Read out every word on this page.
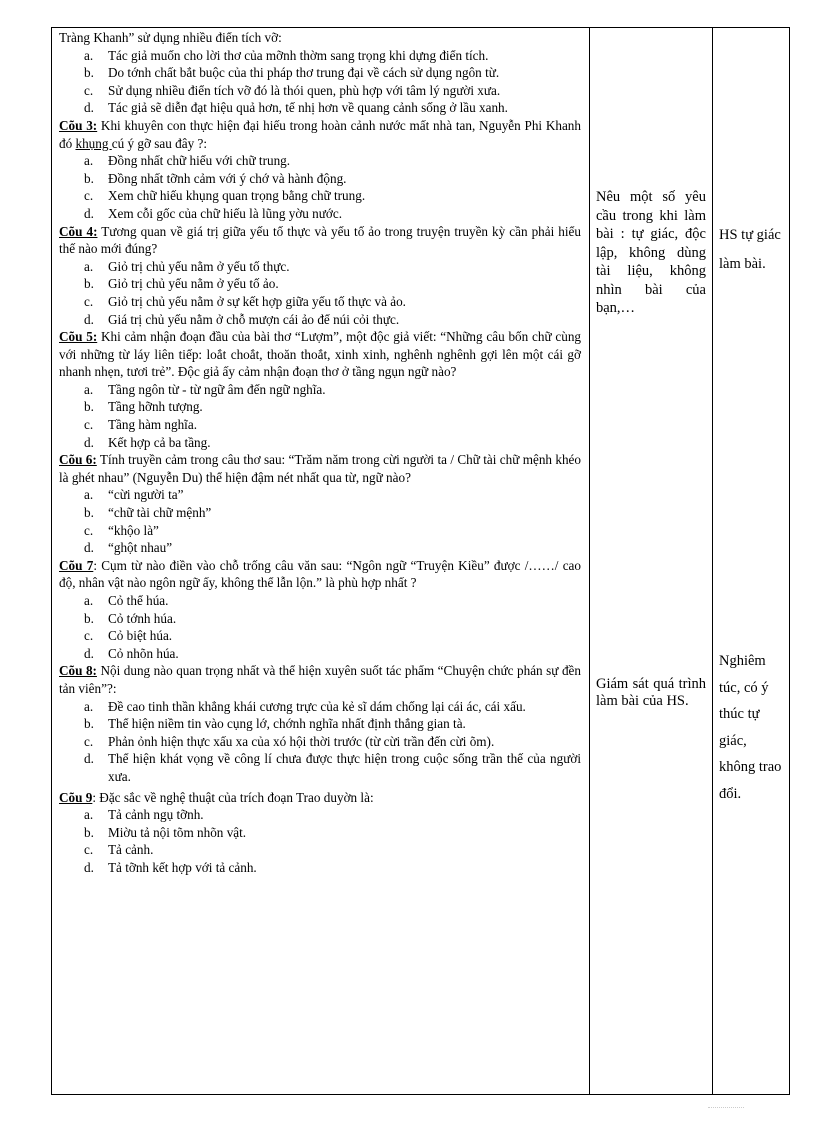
Tràng Khanh” sử dụng nhiều điển tích vỡ:

a. Tác giả muốn cho lời thơ của mỡnh thờm sang trọng khi dựng điển tích.
b. Do tớnh chất bắt buộc của thi pháp thơ trung đại về cách sử dụng ngôn từ.
c. Sử dụng nhiều điển tích vỡ đó là thói quen, phù hợp với tâm lý người xưa.
d. Tác giả sẽ diễn đạt hiệu quả hơn, tế nhị hơn về quang cảnh sống ở lầu xanh.

Cõu 3: Khi khuyên con thực hiện đại hiếu trong hoàn cảnh nước mất nhà tan, Nguyễn Phi Khanh đó khụng cú ý gỡ sau đây ?:

a. Đồng nhất chữ hiếu với chữ trung.
b. Đồng nhất tỡnh cảm với ý chớ và hành động.
c. Xem chữ hiếu khụng quan trọng bằng chữ trung.
d. Xem cỗi gốc của chữ hiếu là lũng yờu nước.

Cõu 4: Tương quan về giá trị giữa yếu tố thực và yếu tố ảo trong truyện truyền kỳ cần phải hiểu thế nào mới đúng?

a. Giỏ trị chủ yếu nằm ở yếu tố thực.
b. Giỏ trị chủ yếu nằm ở yếu tố ảo.
c. Giỏ trị chủ yếu nằm ở sự kết hợp giữa yếu tố thực và ảo.
d. Giá trị chủ yếu nằm ở chỗ mượn cái ảo để núi cỏi thực.

Cõu 5: Khi cảm nhận đoạn đầu của bài thơ “Lượm”, một độc giả viết: “Những câu bốn chữ cùng với những từ láy liên tiếp: loắt choắt, thoăn thoắt, xinh xinh, nghênh nghênh gợi lên một cái gỡ nhanh nhẹn, tươi trẻ”. Độc giả ấy cảm nhận đoạn thơ ở tầng ngụn ngữ nào?

a. Tầng ngôn từ - từ ngữ âm đến ngữ nghĩa.
b. Tầng hỡnh tượng.
c. Tầng hàm nghĩa.
d. Kết hợp cả ba tầng.

Cõu 6: Tính truyền cảm trong câu thơ sau: “Trăm năm trong cừi người ta / Chữ tài chữ mệnh khéo là ghét nhau” (Nguyễn Du) thể hiện đậm nét nhất qua từ, ngữ nào?

a. “cừi người ta”
b. “chữ tài chữ mệnh”
c. “khộo là”
d. “ghột nhau”

Cõu 7: Cụm từ nào điền vào chỗ trống câu văn sau: “Ngôn ngữ “Truyện Kiều” được /……/ cao độ, nhân vật nào ngôn ngữ ấy, không thể lẫn lộn.” là phù hợp nhất ?

a. Cỏ thể húa.
b. Cỏ tớnh húa.
c. Cỏ biệt húa.
d. Cỏ nhõn húa.

Cõu 8: Nội dung nào quan trọng nhất và thể hiện xuyên suốt tác phẩm “Chuyện chức phán sự đền tản viên”?:

a. Đề cao tinh thần khẳng khái cương trực của kẻ sĩ dám chống lại cái ác, cái xấu.
b. Thể hiện niềm tin vào cụng lớ, chớnh nghĩa nhất định thắng gian tà.
c. Phản ỏnh hiện thực xấu xa của xó hội thời trước (từ cừi trần đến cừi õm).
d. Thể hiện khát vọng về công lí chưa được thực hiện trong cuộc sống trần thế của người xưa.

Cõu 9: Đặc sắc về nghệ thuật của trích đoạn Trao duyờn là:

a. Tả cảnh ngụ tỡnh.
b. Miờu tả nội tõm nhõn vật.
c. Tả cảnh.
d. Tả tỡnh kết hợp với tả cảnh.
Nêu một số yêu cầu trong khi làm bài : tự giác, độc lập, không dùng tài liệu, không nhìn bài của bạn,…
Giám sát quá trình làm bài của HS.
HS tự giác làm bài.
Nghiêm túc, có ý thúc tự giác, không trao đổi.
